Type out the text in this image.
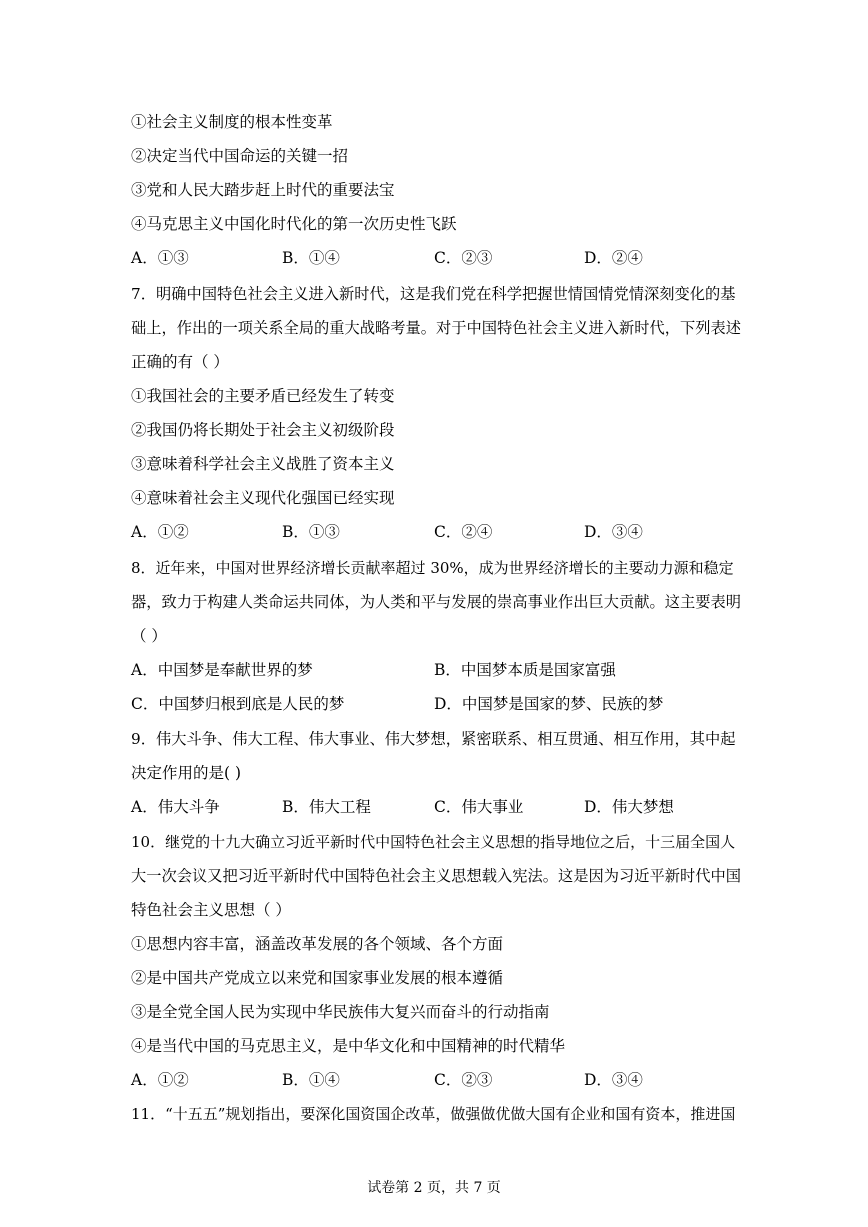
①社会主义制度的根本性变革
②决定当代中国命运的关键一招
③党和人民大踏步赶上时代的重要法宝
④马克思主义中国化时代化的第一次历史性飞跃
A．①③	B．①④	C．②③	D．②④
7．明确中国特色社会主义进入新时代，这是我们党在科学把握世情国情党情深刻变化的基
础上，作出的一项关系全局的重大战略考量。对于中国特色社会主义进入新时代，下列表述
正确的有（ ）
①我国社会的主要矛盾已经发生了转变
②我国仍将长期处于社会主义初级阶段
③意味着科学社会主义战胜了资本主义
④意味着社会主义现代化强国已经实现
A．①②	B．①③	C．②④	D．③④
8．近年来，中国对世界经济增长贡献率超过 30%，成为世界经济增长的主要动力源和稳定
器，致力于构建人类命运共同体，为人类和平与发展的崇高事业作出巨大贡献。这主要表明
（ ）
A．中国梦是奉献世界的梦	B．中国梦本质是国家富强
C．中国梦归根到底是人民的梦	D．中国梦是国家的梦、民族的梦
9．伟大斗争、伟大工程、伟大事业、伟大梦想，紧密联系、相互贯通、相互作用，其中起
决定作用的是( )
A．伟大斗争	B．伟大工程	C．伟大事业	D．伟大梦想
10．继党的十九大确立习近平新时代中国特色社会主义思想的指导地位之后，十三届全国人
大一次会议又把习近平新时代中国特色社会主义思想载入宪法。这是因为习近平新时代中国
特色社会主义思想（ ）
①思想内容丰富，涵盖改革发展的各个领域、各个方面
②是中国共产党成立以来党和国家事业发展的根本遵循
③是全党全国人民为实现中华民族伟大复兴而奋斗的行动指南
④是当代中国的马克思主义，是中华文化和中国精神的时代精华
A．①②	B．①④	C．②③	D．③④
11．“十五五”规划指出，要深化国资国企改革，做强做优做大国有企业和国有资本，推进国
试卷第 2 页，共 7 页
